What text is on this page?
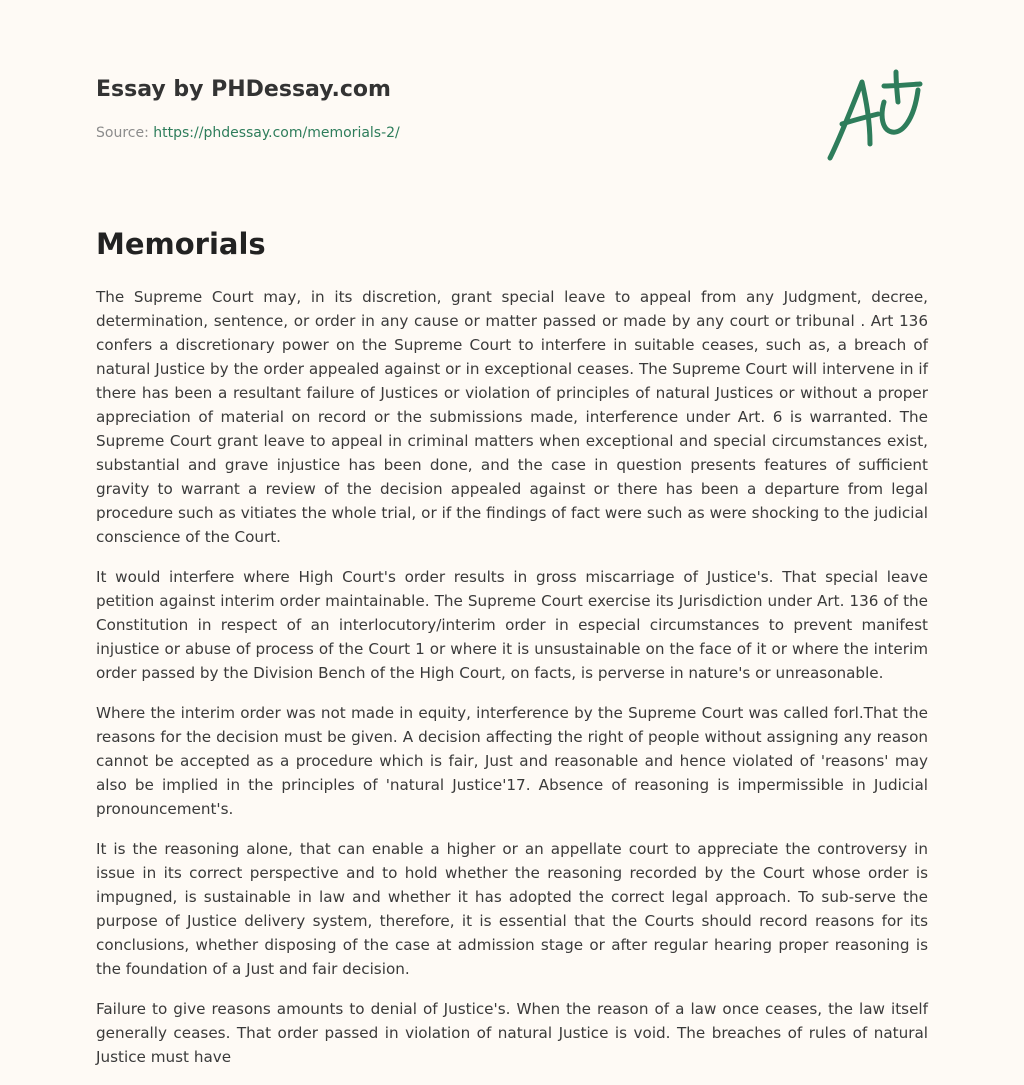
Essay by PHDessay.com
Source: https://phdessay.com/memorials-2/
Memorials

The Supreme Court may, in its discretion, grant special leave to appeal from any Judgment, decree, determination, sentence, or order in any cause or matter passed or made by any court or tribunal . Art 136 confers a discretionary power on the Supreme Court to interfere in suitable ceases, such as, a breach of natural Justice by the order appealed against or in exceptional ceases. The Supreme Court will intervene in if there has been a resultant failure of Justices or violation of principles of natural Justices or without a proper appreciation of material on record or the submissions made, interference under Art. 6 is warranted. The Supreme Court grant leave to appeal in criminal matters when exceptional and special circumstances exist, substantial and grave injustice has been done, and the case in question presents features of sufficient gravity to warrant a review of the decision appealed against or there has been a departure from legal procedure such as vitiates the whole trial, or if the findings of fact were such as were shocking to the judicial conscience of the Court.

It would interfere where High Court's order results in gross miscarriage of Justice's. That special leave petition against interim order maintainable. The Supreme Court exercise its Jurisdiction under Art. 136 of the Constitution in respect of an interlocutory/interim order in especial circumstances to prevent manifest injustice or abuse of process of the Court 1 or where it is unsustainable on the face of it or where the interim order passed by the Division Bench of the High Court, on facts, is perverse in nature's or unreasonable.

Where the interim order was not made in equity, interference by the Supreme Court was called forl.That the reasons for the decision must be given. A decision affecting the right of people without assigning any reason cannot be accepted as a procedure which is fair, Just and reasonable and hence violated of 'reasons' may also be implied in the principles of 'natural Justice'17. Absence of reasoning is impermissible in Judicial pronouncement's.

It is the reasoning alone, that can enable a higher or an appellate court to appreciate the controversy in issue in its correct perspective and to hold whether the reasoning recorded by the Court whose order is impugned, is sustainable in law and whether it has adopted the correct legal approach. To sub-serve the purpose of Justice delivery system, therefore, it is essential that the Courts should record reasons for its conclusions, whether disposing of the case at admission stage or after regular hearing proper reasoning is the foundation of a Just and fair decision.

Failure to give reasons amounts to denial of Justice's. When the reason of a law once ceases, the law itself generally ceases. That order passed in violation of natural Justice is void. The breaches of rules of natural Justice must have
